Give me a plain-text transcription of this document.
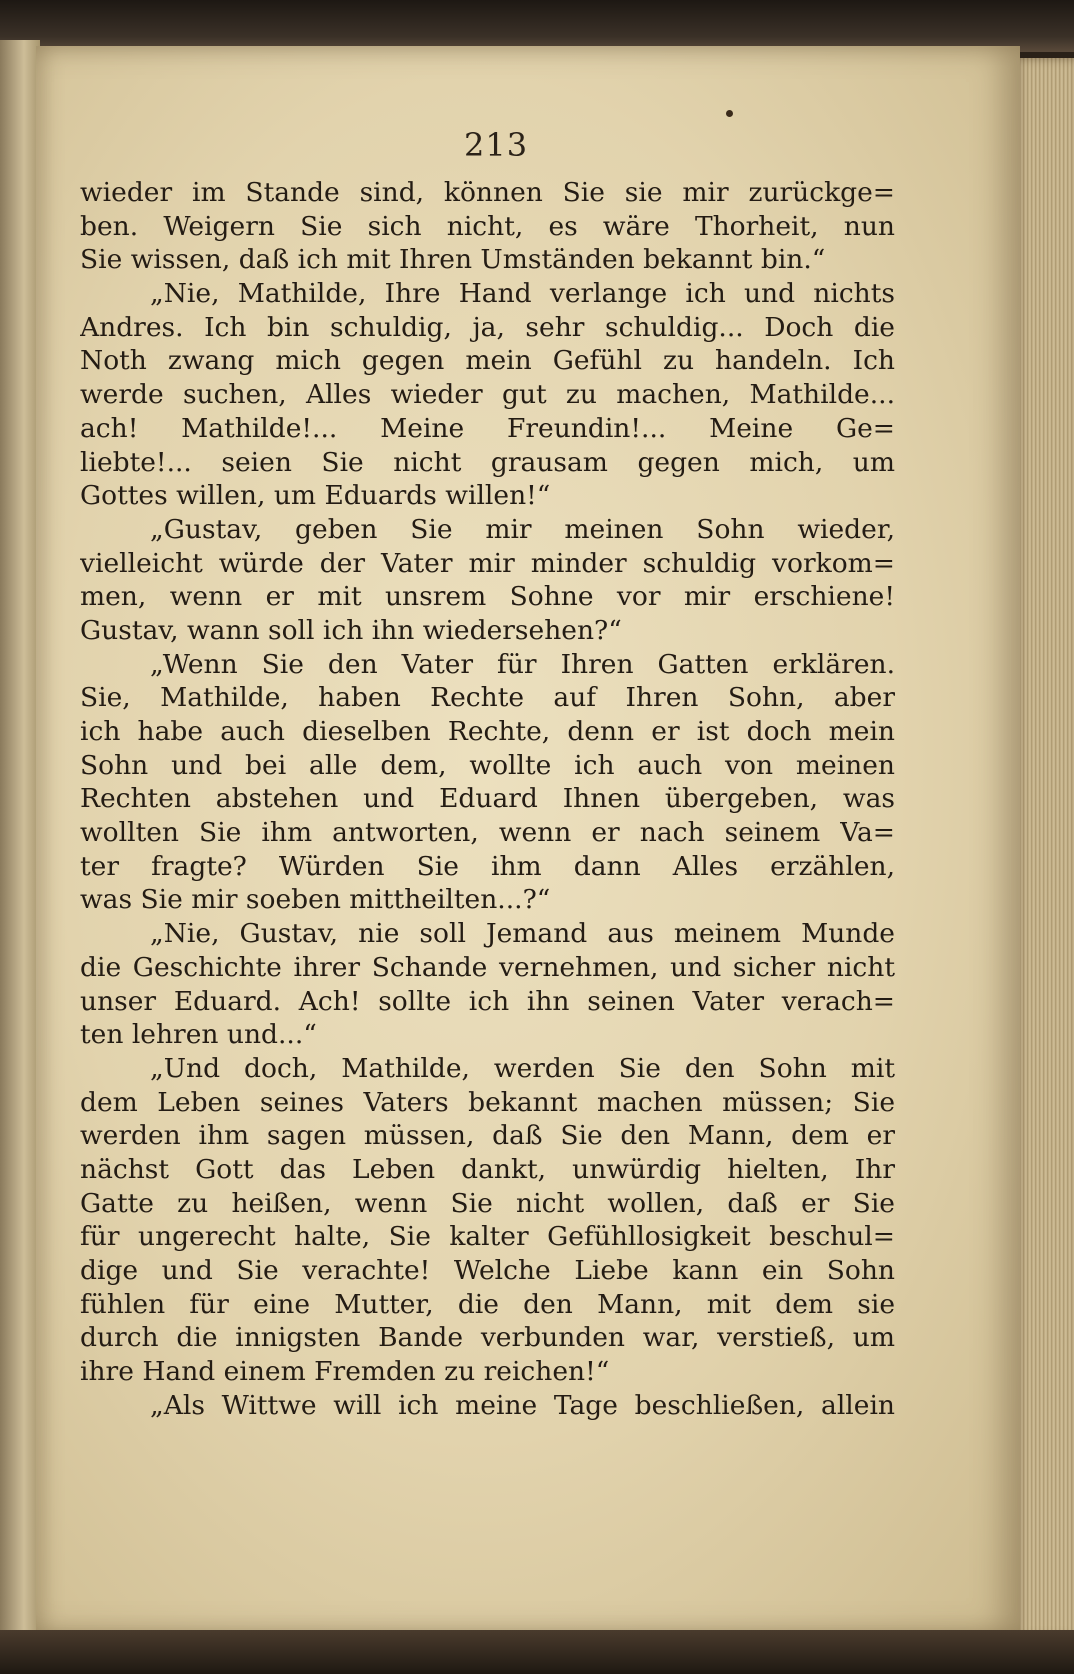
213
wieder im Stande sind, können Sie sie mir zurückge=
ben. Weigern Sie sich nicht, es wäre Thorheit, nun
Sie wissen, daß ich mit Ihren Umständen bekannt bin.“
„Nie, Mathilde, Ihre Hand verlange ich und nichts
Andres. Ich bin schuldig, ja, sehr schuldig... Doch die
Noth zwang mich gegen mein Gefühl zu handeln. Ich
werde suchen, Alles wieder gut zu machen, Mathilde...
ach! Mathilde!... Meine Freundin!... Meine Ge=
liebte!... seien Sie nicht grausam gegen mich, um
Gottes willen, um Eduards willen!“
„Gustav, geben Sie mir meinen Sohn wieder,
vielleicht würde der Vater mir minder schuldig vorkom=
men, wenn er mit unsrem Sohne vor mir erschiene!
Gustav, wann soll ich ihn wiedersehen?“
„Wenn Sie den Vater für Ihren Gatten erklären.
Sie, Mathilde, haben Rechte auf Ihren Sohn, aber
ich habe auch dieselben Rechte, denn er ist doch mein
Sohn und bei alle dem, wollte ich auch von meinen
Rechten abstehen und Eduard Ihnen übergeben, was
wollten Sie ihm antworten, wenn er nach seinem Va=
ter fragte? Würden Sie ihm dann Alles erzählen,
was Sie mir soeben mittheilten...?“
„Nie, Gustav, nie soll Jemand aus meinem Munde
die Geschichte ihrer Schande vernehmen, und sicher nicht
unser Eduard. Ach! sollte ich ihn seinen Vater verach=
ten lehren und...“
„Und doch, Mathilde, werden Sie den Sohn mit
dem Leben seines Vaters bekannt machen müssen; Sie
werden ihm sagen müssen, daß Sie den Mann, dem er
nächst Gott das Leben dankt, unwürdig hielten, Ihr
Gatte zu heißen, wenn Sie nicht wollen, daß er Sie
für ungerecht halte, Sie kalter Gefühllosigkeit beschul=
dige und Sie verachte! Welche Liebe kann ein Sohn
fühlen für eine Mutter, die den Mann, mit dem sie
durch die innigsten Bande verbunden war, verstieß, um
ihre Hand einem Fremden zu reichen!“
„Als Wittwe will ich meine Tage beschließen, allein
